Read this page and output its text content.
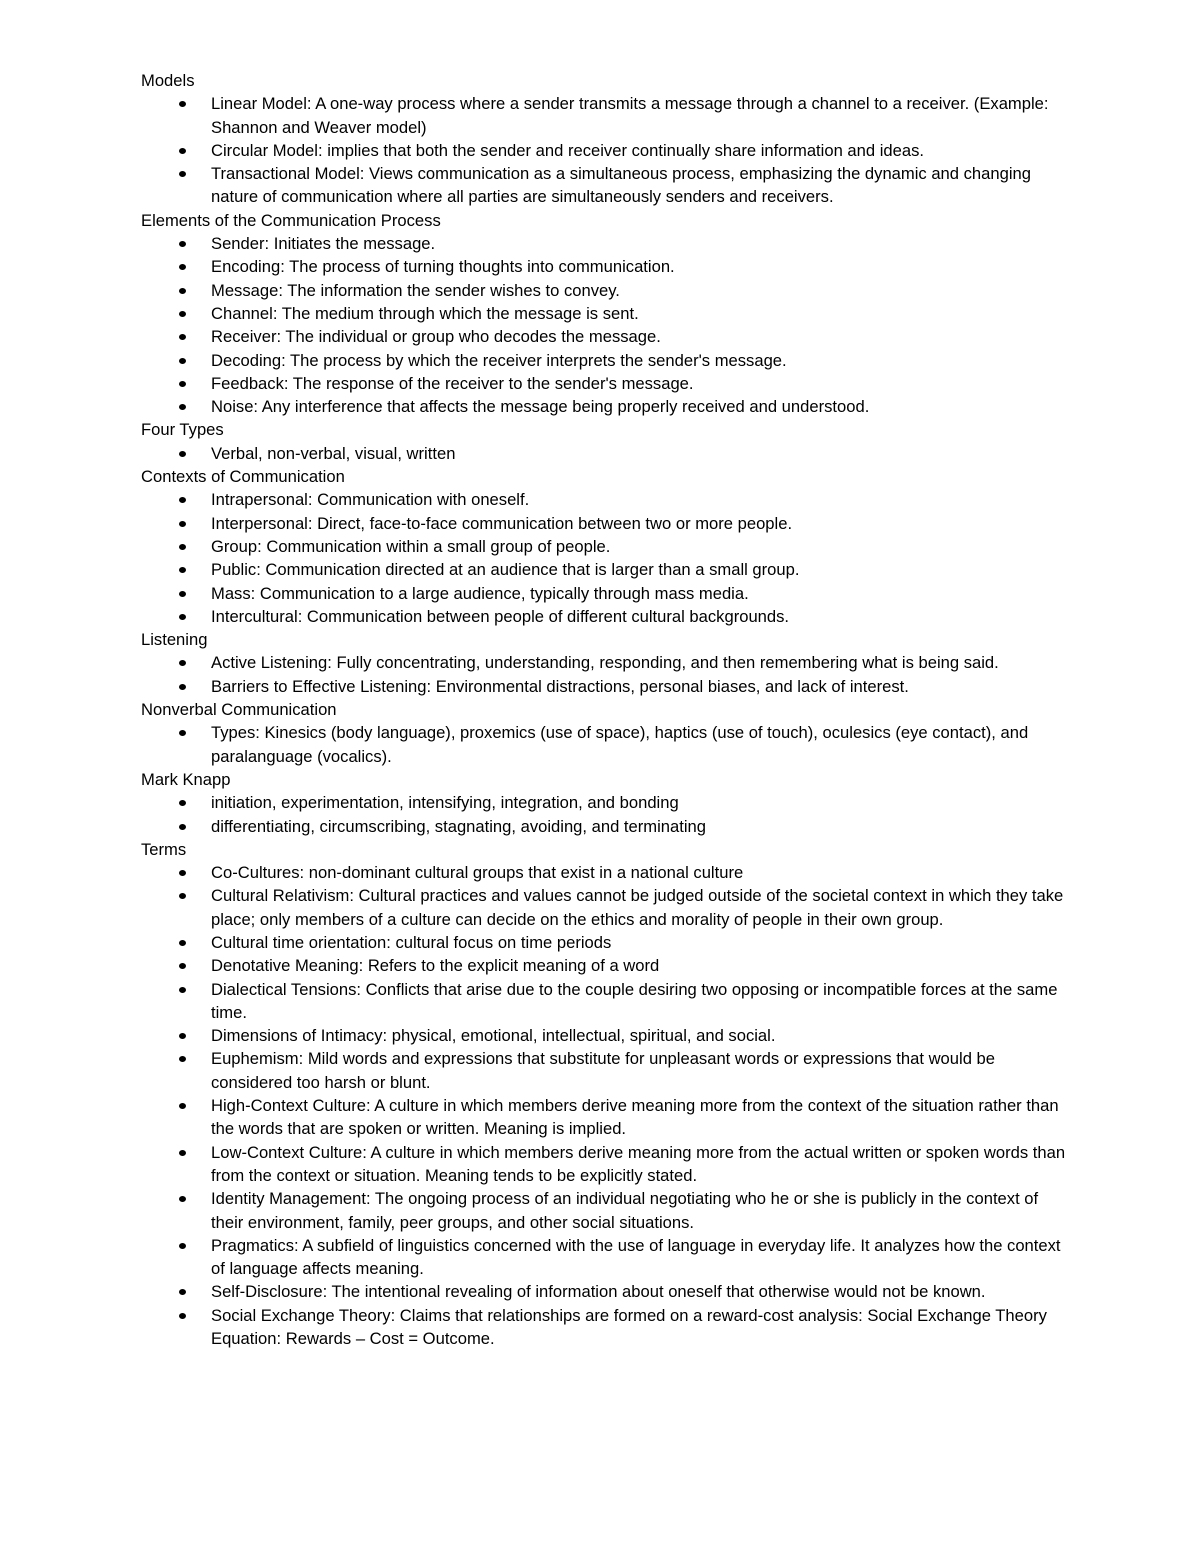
Models
Linear Model: A one-way process where a sender transmits a message through a channel to a receiver. (Example: Shannon and Weaver model)
Circular Model: implies that both the sender and receiver continually share information and ideas.
Transactional Model: Views communication as a simultaneous process, emphasizing the dynamic and changing nature of communication where all parties are simultaneously senders and receivers.
Elements of the Communication Process
Sender: Initiates the message.
Encoding: The process of turning thoughts into communication.
Message: The information the sender wishes to convey.
Channel: The medium through which the message is sent.
Receiver: The individual or group who decodes the message.
Decoding: The process by which the receiver interprets the sender's message.
Feedback: The response of the receiver to the sender's message.
Noise: Any interference that affects the message being properly received and understood.
Four Types
Verbal, non-verbal, visual, written
Contexts of Communication
Intrapersonal: Communication with oneself.
Interpersonal: Direct, face-to-face communication between two or more people.
Group: Communication within a small group of people.
Public: Communication directed at an audience that is larger than a small group.
Mass: Communication to a large audience, typically through mass media.
Intercultural: Communication between people of different cultural backgrounds.
Listening
Active Listening: Fully concentrating, understanding, responding, and then remembering what is being said.
Barriers to Effective Listening: Environmental distractions, personal biases, and lack of interest.
Nonverbal Communication
Types: Kinesics (body language), proxemics (use of space), haptics (use of touch), oculesics (eye contact), and paralanguage (vocalics).
Mark Knapp
initiation, experimentation, intensifying, integration, and bonding
differentiating, circumscribing, stagnating, avoiding, and terminating
Terms
Co-Cultures: non-dominant cultural groups that exist in a national culture
Cultural Relativism: Cultural practices and values cannot be judged outside of the societal context in which they take place; only members of a culture can decide on the ethics and morality of people in their own group.
Cultural time orientation: cultural focus on time periods
Denotative Meaning: Refers to the explicit meaning of a word
Dialectical Tensions: Conflicts that arise due to the couple desiring two opposing or incompatible forces at the same time.
Dimensions of Intimacy: physical, emotional, intellectual, spiritual, and social.
Euphemism: Mild words and expressions that substitute for unpleasant words or expressions that would be considered too harsh or blunt.
High-Context Culture: A culture in which members derive meaning more from the context of the situation rather than the words that are spoken or written. Meaning is implied.
Low-Context Culture: A culture in which members derive meaning more from the actual written or spoken words than from the context or situation. Meaning tends to be explicitly stated.
Identity Management: The ongoing process of an individual negotiating who he or she is publicly in the context of their environment, family, peer groups, and other social situations.
Pragmatics: A subfield of linguistics concerned with the use of language in everyday life. It analyzes how the context of language affects meaning.
Self-Disclosure: The intentional revealing of information about oneself that otherwise would not be known.
Social Exchange Theory: Claims that relationships are formed on a reward-cost analysis: Social Exchange Theory Equation: Rewards – Cost = Outcome.
